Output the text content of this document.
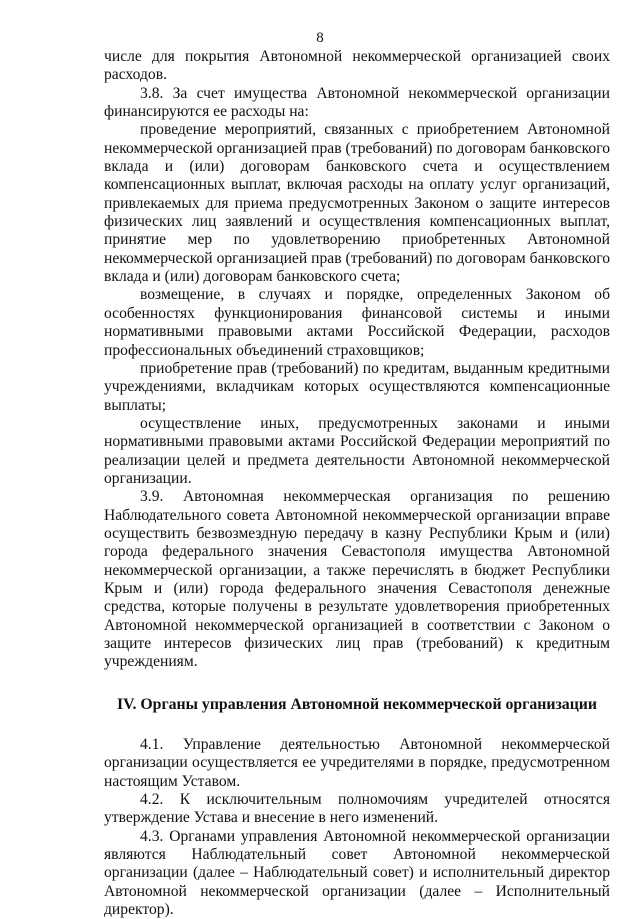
8

числе для покрытия Автономной некоммерческой организацией своих расходов.

3.8. За счет имущества Автономной некоммерческой организации финансируются ее расходы на:

проведение мероприятий, связанных с приобретением Автономной некоммерческой организацией прав (требований) по договорам банковского вклада и (или) договорам банковского счета и осуществлением компенсационных выплат, включая расходы на оплату услуг организаций, привлекаемых для приема предусмотренных Законом о защите интересов физических лиц заявлений и осуществления компенсационных выплат, принятие мер по удовлетворению приобретенных Автономной некоммерческой организацией прав (требований) по договорам банковского вклада и (или) договорам банковского счета;

возмещение, в случаях и порядке, определенных Законом об особенностях функционирования финансовой системы и иными нормативными правовыми актами Российской Федерации, расходов профессиональных объединений страховщиков;

приобретение прав (требований) по кредитам, выданным кредитными учреждениями, вкладчикам которых осуществляются компенсационные выплаты;

осуществление иных, предусмотренных законами и иными нормативными правовыми актами Российской Федерации мероприятий по реализации целей и предмета деятельности Автономной некоммерческой организации.

3.9. Автономная некоммерческая организация по решению Наблюдательного совета Автономной некоммерческой организации вправе осуществить безвозмездную передачу в казну Республики Крым и (или) города федерального значения Севастополя имущества Автономной некоммерческой организации, а также перечислять в бюджет Республики Крым и (или) города федерального значения Севастополя денежные средства, которые получены в результате удовлетворения приобретенных Автономной некоммерческой организацией в соответствии с Законом о защите интересов физических лиц прав (требований) к кредитным учреждениям.

IV. Органы управления Автономной некоммерческой организации

4.1. Управление деятельностью Автономной некоммерческой организации осуществляется ее учредителями в порядке, предусмотренном настоящим Уставом.

4.2. К исключительным полномочиям учредителей относятся утверждение Устава и внесение в него изменений.

4.3. Органами управления Автономной некоммерческой организации являются Наблюдательный совет Автономной некоммерческой организации (далее – Наблюдательный совет) и исполнительный директор Автономной некоммерческой организации (далее – Исполнительный директор).
